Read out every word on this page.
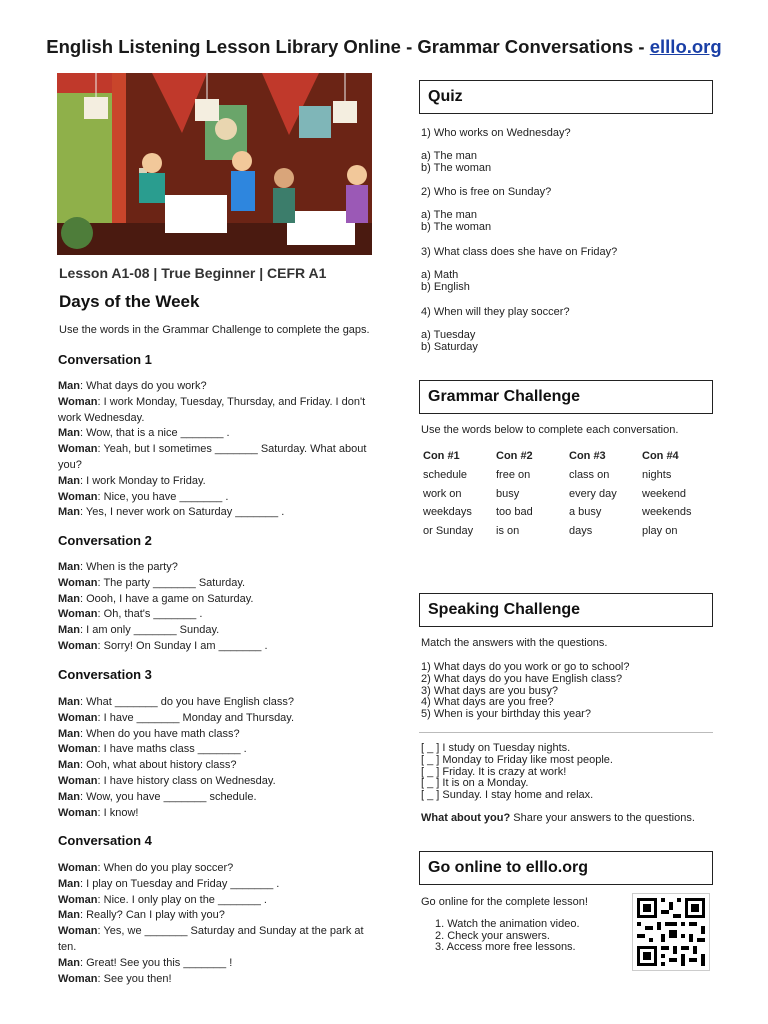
English Listening Lesson Library Online - Grammar Conversations - elllo.org
Lesson A1-08 | True Beginner | CEFR A1
Days of the Week
Use the words in the Grammar Challenge to complete the gaps.
Conversation 1
Man: What days do you work?
Woman: I work Monday, Tuesday, Thursday, and Friday. I don't work Wednesday.
Man: Wow, that is a nice _______ .
Woman: Yeah, but I sometimes _______ Saturday. What about you?
Man: I work Monday to Friday.
Woman: Nice, you have _______ .
Man: Yes, I never work on Saturday _______ .
Conversation 2
Man: When is the party?
Woman: The party _______ Saturday.
Man: Oooh, I have a game on Saturday.
Woman: Oh, that's _______ .
Man: I am only _______ Sunday.
Woman: Sorry! On Sunday I am _______ .
Conversation 3
Man: What _______ do you have English class?
Woman: I have _______ Monday and Thursday.
Man: When do you have math class?
Woman: I have maths class _______ .
Man: Ooh, what about history class?
Woman: I have history class on Wednesday.
Man: Wow, you have _______ schedule.
Woman: I know!
Conversation 4
Woman: When do you play soccer?
Man: I play on Tuesday and Friday _______ .
Woman: Nice. I only play on the _______ .
Man: Really? Can I play with you?
Woman: Yes, we _______ Saturday and Sunday at the park at ten.
Man: Great! See you this _______ !
Woman: See you then!
Quiz
1) Who works on Wednesday?
a) The man
b) The woman
2) Who is free on Sunday?
a) The man
b) The woman
3) What class does she have on Friday?
a) Math
b) English
4) When will they play soccer?
a) Tuesday
b) Saturday
Grammar Challenge
Use the words below to complete each conversation.
Con #1	Con #2	Con #3	Con #4
schedule	free on	class on	nights
work on	busy	every day	weekend
weekdays	too bad	a busy	weekends
or Sunday	is on	days	play on
Speaking Challenge
Match the answers with the questions.
1) What days do you work or go to school?
2) What days do you have English class?
3) What days are you busy?
4) What days are you free?
5) When is your birthday this year?
[ _ ] I study on Tuesday nights.
[ _ ] Monday to Friday like most people.
[ _ ] Friday. It is crazy at work!
[ _ ] It is on a Monday.
[ _ ] Sunday. I stay home and relax.
What about you? Share your answers to the questions.
Go online to elllo.org
Go online for the complete lesson!
1. Watch the animation video.
2. Check your answers.
3. Access more free lessons.
